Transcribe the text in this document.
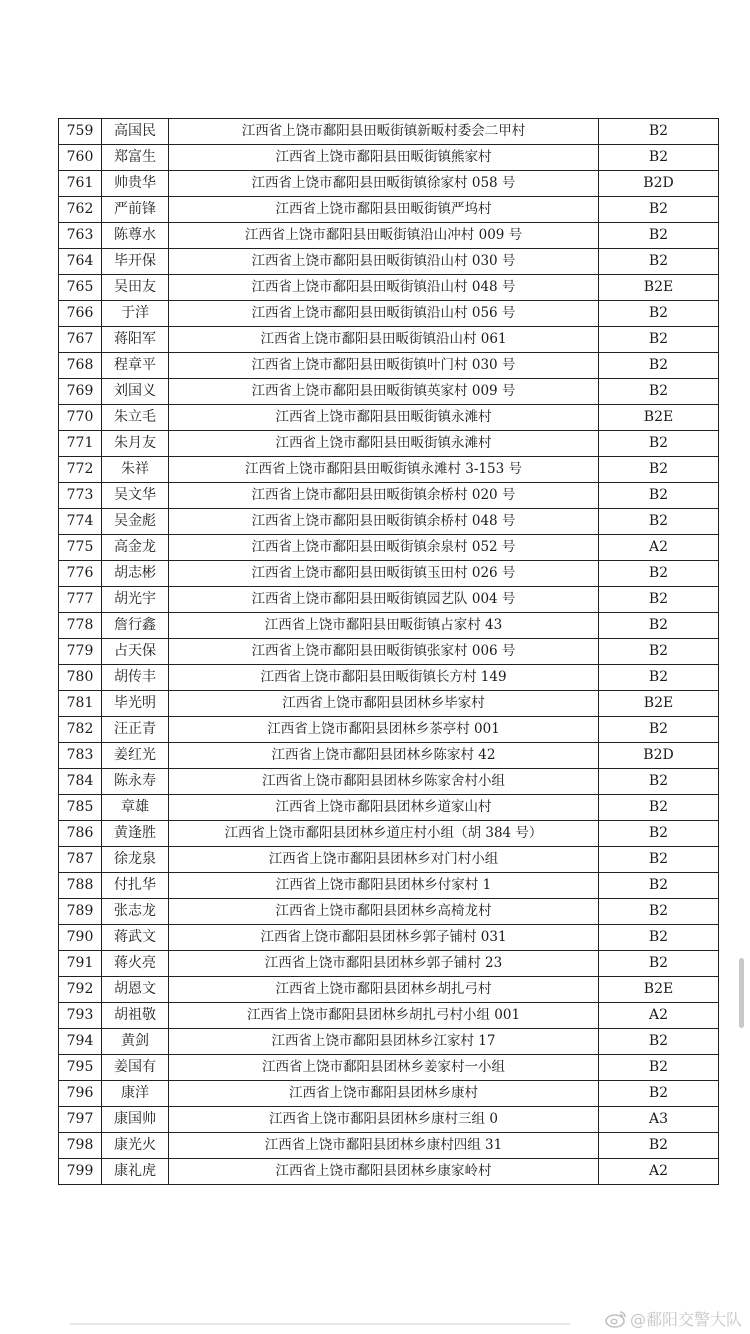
759	高国民	江西省上饶市鄱阳县田畈街镇新畈村委会二甲村	B2
760	郑富生	江西省上饶市鄱阳县田畈街镇熊家村	B2
761	帅贵华	江西省上饶市鄱阳县田畈街镇徐家村 058 号	B2D
762	严前锋	江西省上饶市鄱阳县田畈街镇严坞村	B2
763	陈尊水	江西省上饶市鄱阳县田畈街镇沿山冲村 009 号	B2
764	毕开保	江西省上饶市鄱阳县田畈街镇沿山村 030 号	B2
765	吴田友	江西省上饶市鄱阳县田畈街镇沿山村 048 号	B2E
766	于洋	江西省上饶市鄱阳县田畈街镇沿山村 056 号	B2
767	蒋阳军	江西省上饶市鄱阳县田畈街镇沿山村 061	B2
768	程章平	江西省上饶市鄱阳县田畈街镇叶门村 030 号	B2
769	刘国义	江西省上饶市鄱阳县田畈街镇英家村 009 号	B2
770	朱立毛	江西省上饶市鄱阳县田畈街镇永滩村	B2E
771	朱月友	江西省上饶市鄱阳县田畈街镇永滩村	B2
772	朱祥	江西省上饶市鄱阳县田畈街镇永滩村 3-153 号	B2
773	吴文华	江西省上饶市鄱阳县田畈街镇余桥村 020 号	B2
774	吴金彪	江西省上饶市鄱阳县田畈街镇余桥村 048 号	B2
775	高金龙	江西省上饶市鄱阳县田畈街镇余泉村 052 号	A2
776	胡志彬	江西省上饶市鄱阳县田畈街镇玉田村 026 号	B2
777	胡光宇	江西省上饶市鄱阳县田畈街镇园艺队 004 号	B2
778	詹行鑫	江西省上饶市鄱阳县田畈街镇占家村 43	B2
779	占天保	江西省上饶市鄱阳县田畈街镇张家村 006 号	B2
780	胡传丰	江西省上饶市鄱阳县田畈街镇长方村 149	B2
781	毕光明	江西省上饶市鄱阳县团林乡毕家村	B2E
782	汪正青	江西省上饶市鄱阳县团林乡茶亭村 001	B2
783	姜红光	江西省上饶市鄱阳县团林乡陈家村 42	B2D
784	陈永寿	江西省上饶市鄱阳县团林乡陈家舍村小组	B2
785	章雄	江西省上饶市鄱阳县团林乡道家山村	B2
786	黄逢胜	江西省上饶市鄱阳县团林乡道庄村小组（胡 384 号）	B2
787	徐龙泉	江西省上饶市鄱阳县团林乡对门村小组	B2
788	付扎华	江西省上饶市鄱阳县团林乡付家村 1	B2
789	张志龙	江西省上饶市鄱阳县团林乡高椅龙村	B2
790	蒋武文	江西省上饶市鄱阳县团林乡郭子铺村 031	B2
791	蒋火亮	江西省上饶市鄱阳县团林乡郭子铺村 23	B2
792	胡恩文	江西省上饶市鄱阳县团林乡胡扎弓村	B2E
793	胡祖敬	江西省上饶市鄱阳县团林乡胡扎弓村小组 001	A2
794	黄剑	江西省上饶市鄱阳县团林乡江家村 17	B2
795	姜国有	江西省上饶市鄱阳县团林乡姜家村一小组	B2
796	康洋	江西省上饶市鄱阳县团林乡康村	B2
797	康国帅	江西省上饶市鄱阳县团林乡康村三组 0	A3
798	康光火	江西省上饶市鄱阳县团林乡康村四组 31	B2
799	康礼虎	江西省上饶市鄱阳县团林乡康家岭村	A2
@鄱阳交警大队
